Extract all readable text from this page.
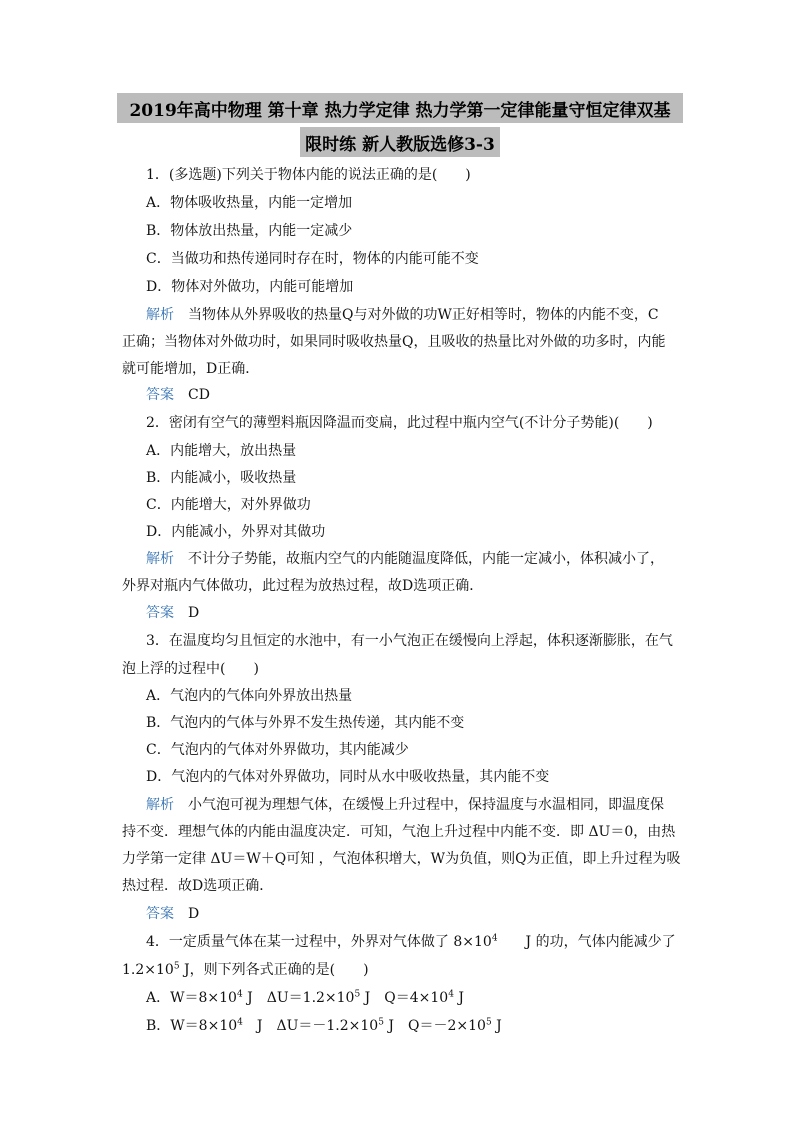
2019年高中物理 第十章 热力学定律 热力学第一定律能量守恒定律双基
限时练 新人教版选修3-3
1．(多选题)下列关于物体内能的说法正确的是(　　)
A．物体吸收热量，内能一定增加
B．物体放出热量，内能一定减少
C．当做功和热传递同时存在时，物体的内能可能不变
D．物体对外做功，内能可能增加
解析 当物体从外界吸收的热量Q与对外做的功W正好相等时，物体的内能不变，C
正确；当物体对外做功时，如果同时吸收热量Q，且吸收的热量比对外做的功多时，内能
就可能增加，D正确．
答案 CD
2．密闭有空气的薄塑料瓶因降温而变扁，此过程中瓶内空气(不计分子势能)(　　)
A．内能增大，放出热量
B．内能减小，吸收热量
C．内能增大，对外界做功
D．内能减小，外界对其做功
解析 不计分子势能，故瓶内空气的内能随温度降低，内能一定减小，体积减小了，
外界对瓶内气体做功，此过程为放热过程，故D选项正确．
答案 D
3．在温度均匀且恒定的水池中，有一小气泡正在缓慢向上浮起，体积逐渐膨胀，在气
泡上浮的过程中(　　)
A．气泡内的气体向外界放出热量
B．气泡内的气体与外界不发生热传递，其内能不变
C．气泡内的气体对外界做功，其内能减少
D．气泡内的气体对外界做功，同时从水中吸收热量，其内能不变
解析 小气泡可视为理想气体，在缓慢上升过程中，保持温度与水温相同，即温度保
持不变．理想气体的内能由温度决定．可知，气泡上升过程中内能不变．即 ΔU＝0，由热
力学第一定律 ΔU＝W＋Q可知 ，气泡体积增大，W为负值，则Q为正值，即上升过程为吸
热过程．故D选项正确．
答案 D
4．一定质量气体在某一过程中，外界对气体做了 $8\times 10^4$　　J 的功，气体内能减少了
$1.2\times 10^5$ J，则下列各式正确的是(　　)
A．$W=8\times 10^4$ J　$\Delta U=1.2\times 10^5$ J　$Q=4\times 10^4$ J
B．$W=8\times 10^4$　J　$\Delta U=-1.2\times 10^5$ J　$Q=-2\times 10^5$ J
